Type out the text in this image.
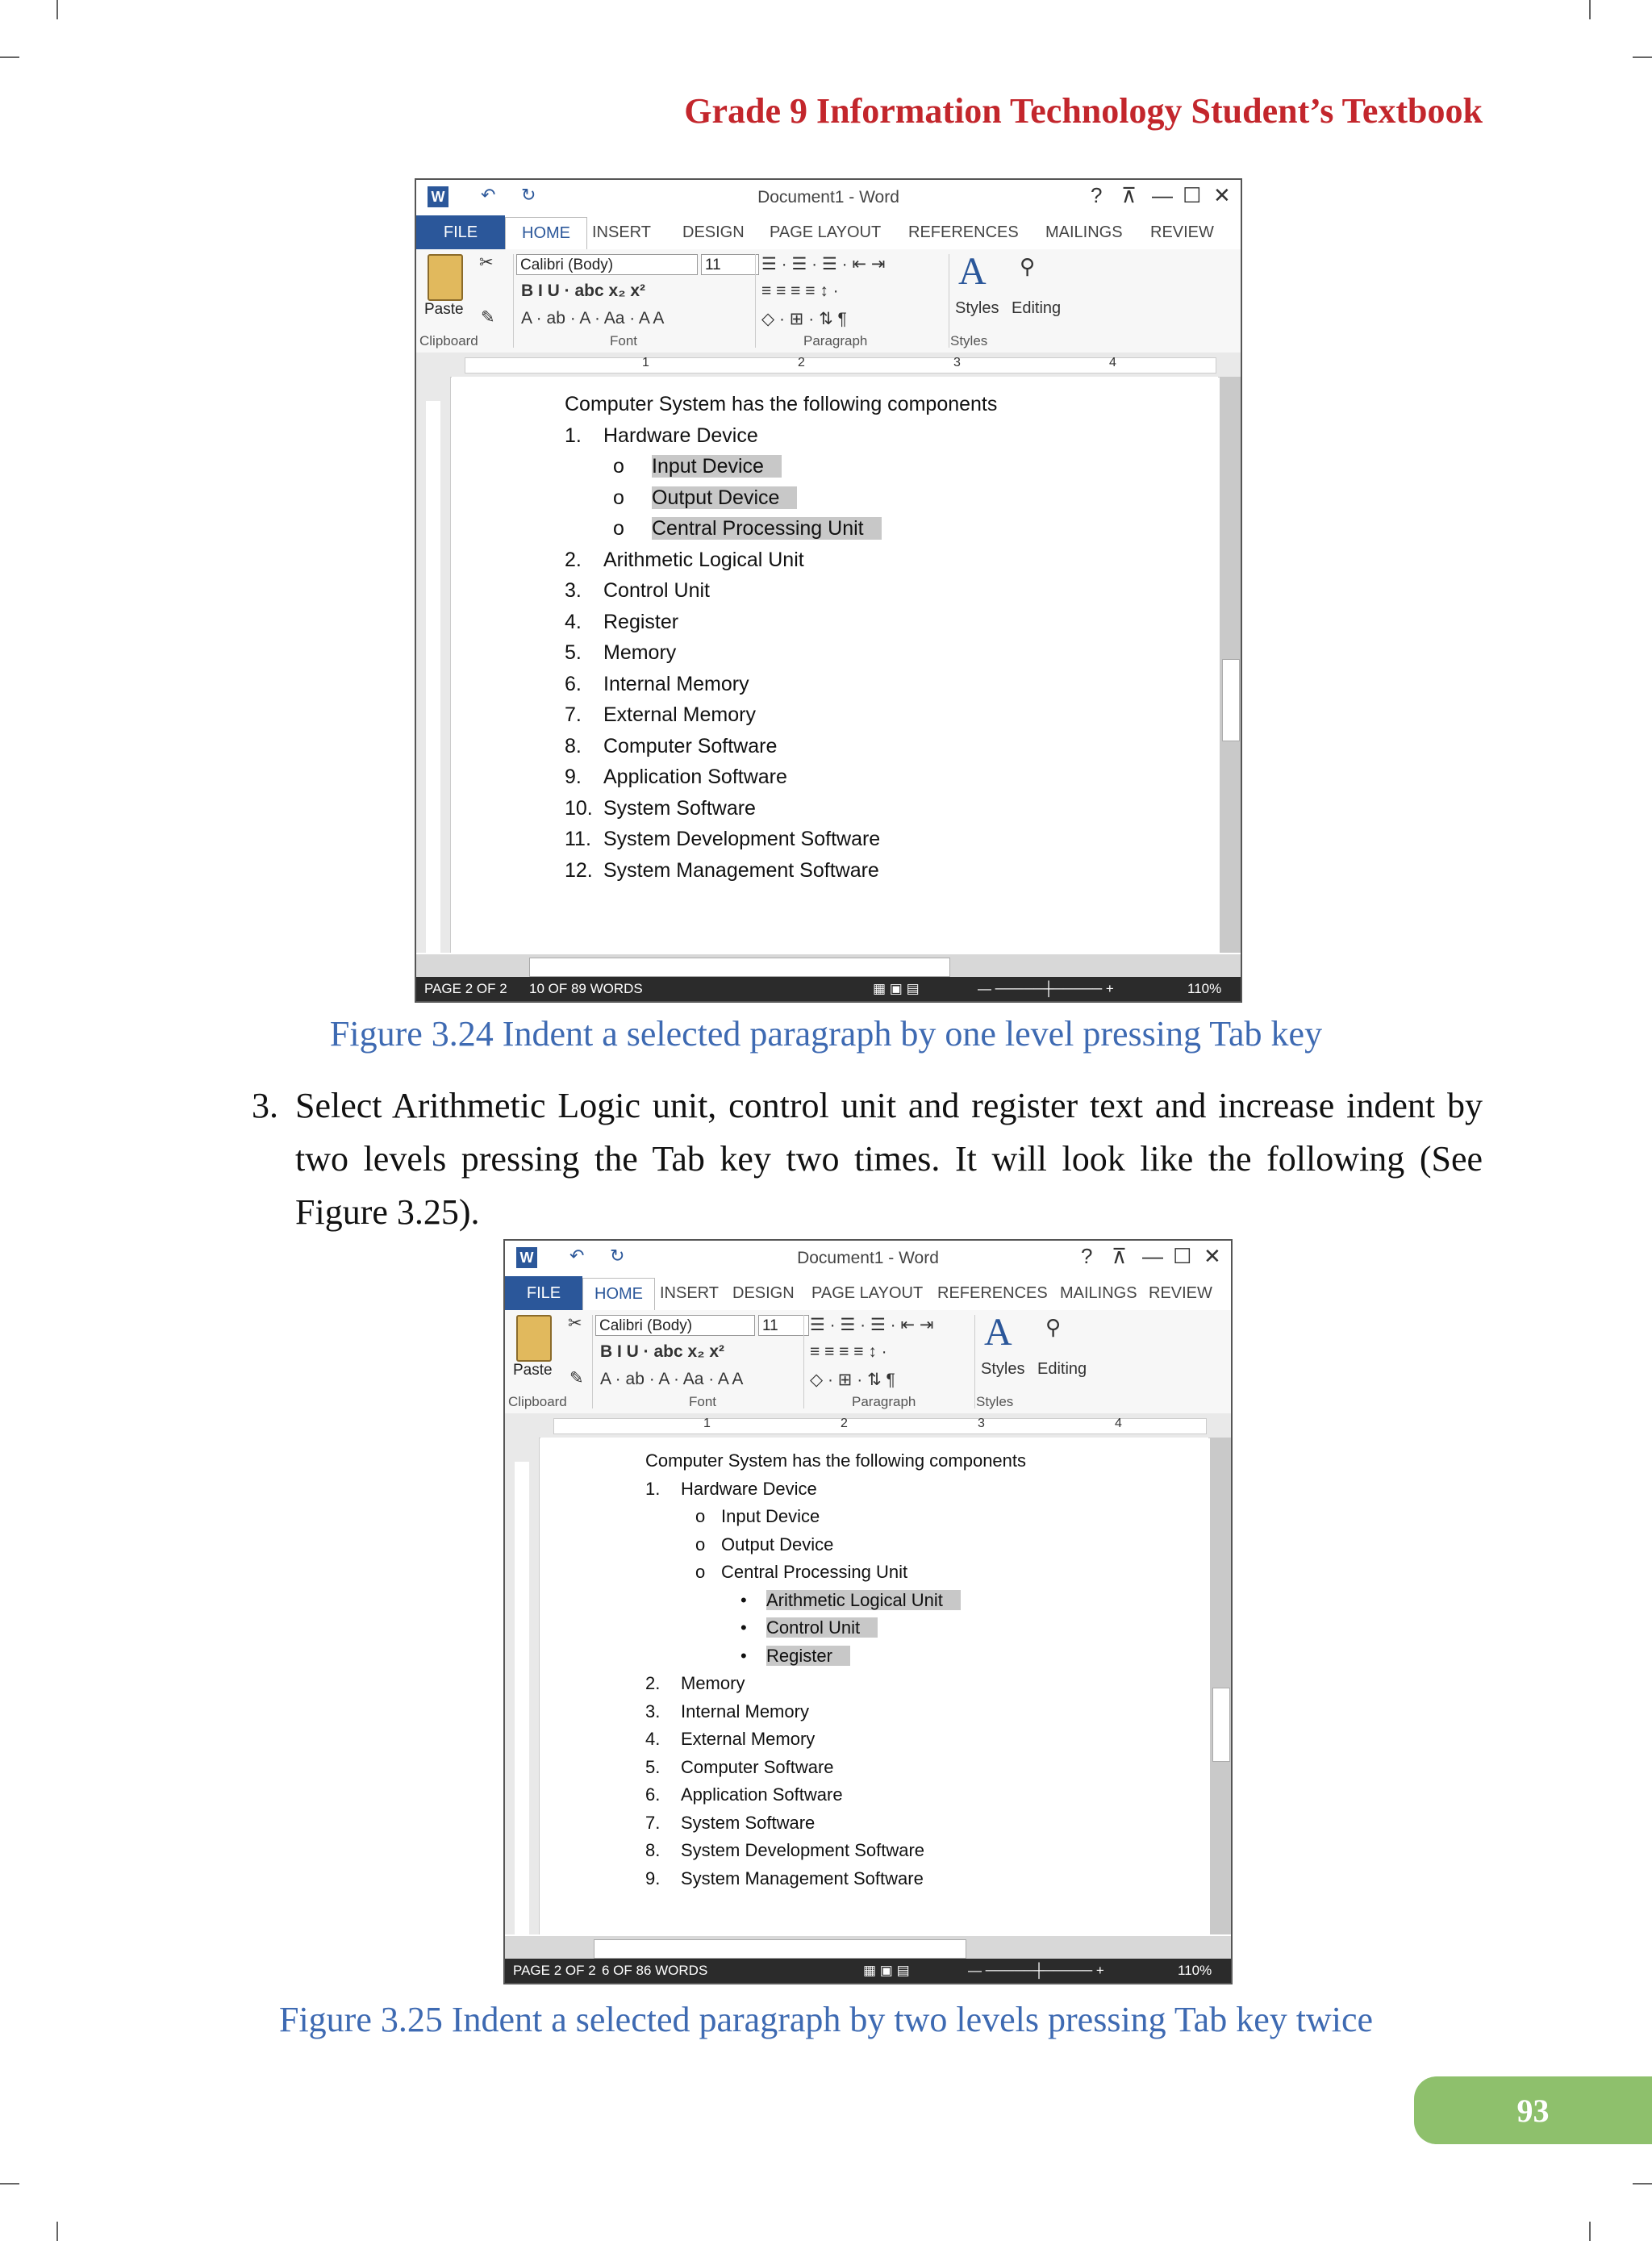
Grade 9 Information Technology Student’s Textbook
W ↶ ↻	Document1 - Word	? ⊼ — ☐ ✕
FILE	HOME	INSERT DESIGN PAGE LAYOUT REFERENCES MAILINGS REVIEW
Paste
✂
✎
Calibri (Body)	11
B I U · abc x₂ x²
A · ab · A · Aa · A A
☰ · ☰ · ☰ · ⇤ ⇥
≡ ≡ ≡ ≡ ↕ ·
◇ · ⊞ · ⇅ ¶
A
Styles
⚲
Editing
Clipboard	Font	Paragraph	Styles
1	2	3	4
Computer System has the following components
1. Hardware Device
o Input Device
o Output Device
o Central Processing Unit
2. Arithmetic Logical Unit
3. Control Unit
4. Register
5. Memory
6. Internal Memory
7. External Memory
8. Computer Software
9. Application Software
10. System Software
11. System Development Software
12. System Management Software
PAGE 2 OF 2 10 OF 89 WORDS	▦ ▣ ▤	— ─────┼───── +	110%
Figure 3.24 Indent a selected paragraph by one level pressing Tab key
3. Select Arithmetic Logic unit, control unit and register text and increase indent by two levels pressing the Tab key two times. It will look like the following (See Figure 3.25).
W ↶ ↻	Document1 - Word	? ⊼ — ☐ ✕
FILE	HOME	INSERT DESIGN PAGE LAYOUT REFERENCES MAILINGS REVIEW
Paste
✂
✎
Calibri (Body)	11
B I U · abc x₂ x²
A · ab · A · Aa · A A
☰ · ☰ · ☰ · ⇤ ⇥
≡ ≡ ≡ ≡ ↕ ·
◇ · ⊞ · ⇅ ¶
A
Styles
⚲
Editing
Clipboard	Font	Paragraph	Styles
1	2	3	4
Computer System has the following components
1. Hardware Device
o Input Device
o Output Device
o Central Processing Unit
• Arithmetic Logical Unit
• Control Unit
• Register
2. Memory
3. Internal Memory
4. External Memory
5. Computer Software
6. Application Software
7. System Software
8. System Development Software
9. System Management Software
PAGE 2 OF 2 6 OF 86 WORDS	▦ ▣ ▤	— ─────┼───── +	110%
Figure 3.25 Indent a selected paragraph by two levels pressing Tab key twice
93
